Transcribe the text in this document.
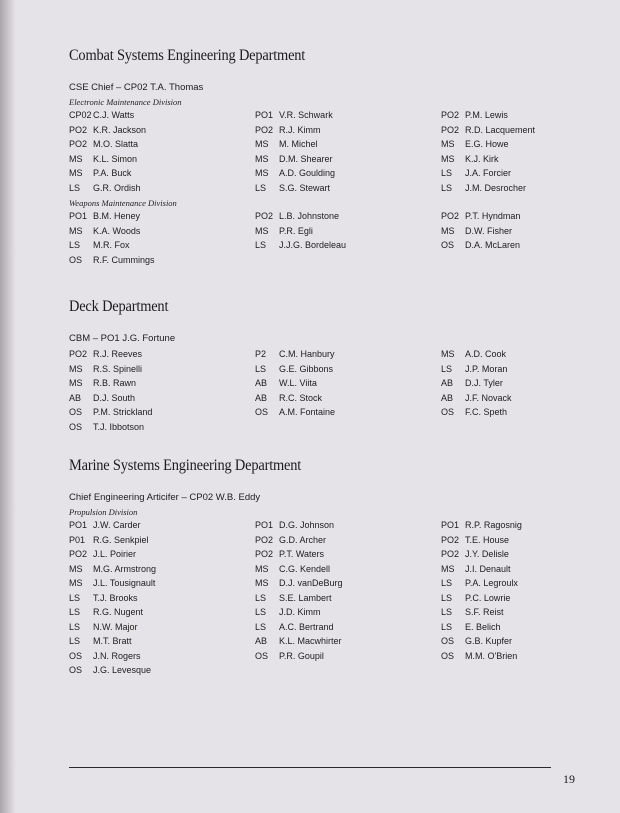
Combat Systems Engineering Department
CSE Chief – CP02 T.A. Thomas
Electronic Maintenance Division
CP02C.J. Watts
PO2 K.R. Jackson
PO2 M.O. Slatta
MS K.L. Simon
MS P.A. Buck
LS G.R. Ordish
PO1 V.R. Schwark
PO2 R.J. Kimm
MS M. Michel
MS D.M. Shearer
MS A.D. Goulding
LS S.G. Stewart
PO2 P.M. Lewis
PO2 R.D. Lacquement
MS E.G. Howe
MS K.J. Kirk
LS J.A. Forcier
LS J.M. Desrocher
Weapons Maintenance Division
PO1 B.M. Heney
MS K.A. Woods
LS M.R. Fox
OS R.F. Cummings
PO2 L.B. Johnstone
MS P.R. Egli
LS J.J.G. Bordeleau
PO2 P.T. Hyndman
MS D.W. Fisher
OS D.A. McLaren
Deck Department
CBM – PO1 J.G. Fortune
PO2 R.J. Reeves
MS R.S. Spinelli
MS R.B. Rawn
AB D.J. South
OS P.M. Strickland
OS T.J. Ibbotson
P2 C.M. Hanbury
LS G.E. Gibbons
AB W.L. Viita
AB R.C. Stock
OS A.M. Fontaine
MS A.D. Cook
LS J.P. Moran
AB D.J. Tyler
AB J.F. Novack
OS F.C. Speth
Marine Systems Engineering Department
Chief Engineering Articifer – CP02 W.B. Eddy
Propulsion Division
PO1 J.W. Carder
P01 R.G. Senkpiel
PO2 J.L. Poirier
MS M.G. Armstrong
MS J.L. Tousignault
LS T.J. Brooks
LS R.G. Nugent
LS N.W. Major
LS M.T. Bratt
OS J.N. Rogers
OS J.G. Levesque
PO1 D.G. Johnson
PO2 G.D. Archer
PO2 P.T. Waters
MS C.G. Kendell
MS D.J. vanDeBurg
LS S.E. Lambert
LS J.D. Kimm
LS A.C. Bertrand
AB K.L. Macwhirter
OS P.R. Goupil
PO1 R.P. Ragosnig
PO2 T.E. House
PO2 J.Y. Delisle
MS J.I. Denault
LS P.A. Legroulx
LS P.C. Lowrie
LS S.F. Reist
LS E. Belich
OS G.B. Kupfer
OS M.M. O'Brien
19
